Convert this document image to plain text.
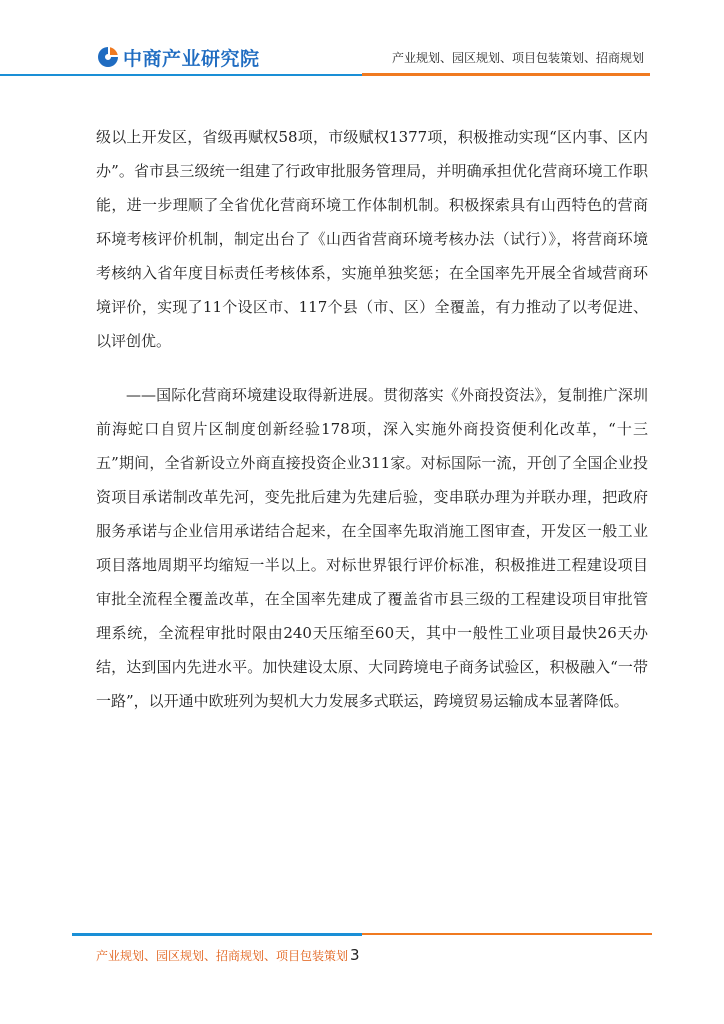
中商产业研究院	产业规划、园区规划、项目包装策划、招商规划

级以上开发区，省级再赋权58项，市级赋权1377项，积极推动实现“区内事、区内办”。省市县三级统一组建了行政审批服务管理局，并明确承担优化营商环境工作职能，进一步理顺了全省优化营商环境工作体制机制。积极探索具有山西特色的营商环境考核评价机制，制定出台了《山西省营商环境考核办法（试行）》，将营商环境考核纳入省年度目标责任考核体系，实施单独奖惩；在全国率先开展全省域营商环境评价，实现了11个设区市、117个县（市、区）全覆盖，有力推动了以考促进、以评创优。

——国际化营商环境建设取得新进展。贯彻落实《外商投资法》，复制推广深圳前海蛇口自贸片区制度创新经验178项，深入实施外商投资便利化改革，“十三五”期间，全省新设立外商直接投资企业311家。对标国际一流，开创了全国企业投资项目承诺制改革先河，变先批后建为先建后验，变串联办理为并联办理，把政府服务承诺与企业信用承诺结合起来，在全国率先取消施工图审查，开发区一般工业项目落地周期平均缩短一半以上。对标世界银行评价标准，积极推进工程建设项目审批全流程全覆盖改革，在全国率先建成了覆盖省市县三级的工程建设项目审批管理系统，全流程审批时限由240天压缩至60天，其中一般性工业项目最快26天办结，达到国内先进水平。加快建设太原、大同跨境电子商务试验区，积极融入“一带一路”，以开通中欧班列为契机大力发展多式联运，跨境贸易运输成本显著降低。

产业规划、园区规划、招商规划、项目包装策划 3
